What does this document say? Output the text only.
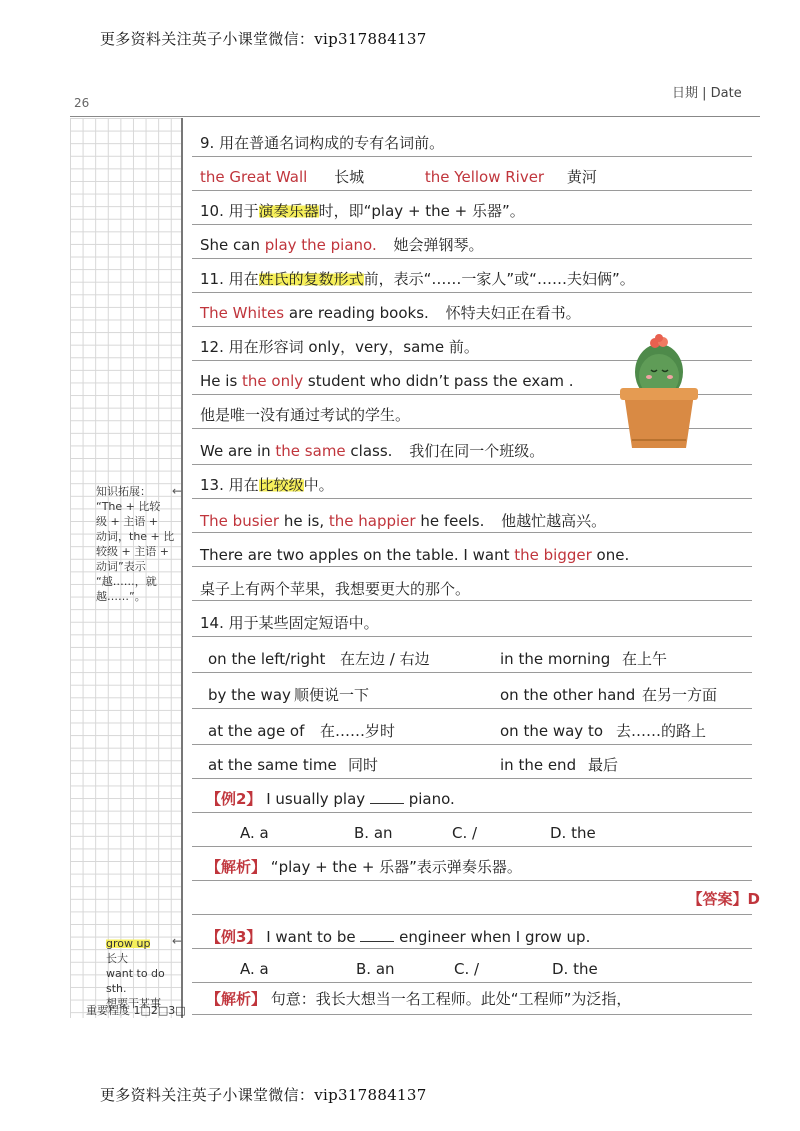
更多资料关注英子小课堂微信：vip317884137
26
日期 | Date
9. 用在普通名词构成的专有名词前。
the Great Wall 长城	the Yellow River 黄河
10. 用于演奏乐器时，即“play + the + 乐器”。
She can play the piano. 她会弹钢琴。
11. 用在姓氏的复数形式前，表示“……一家人”或“……夫妇俩”。
The Whites are reading books. 怀特夫妇正在看书。
12. 用在形容词 only，very，same 前。
He is the only student who didn’t pass the exam .
他是唯一没有通过考试的学生。
We are in the same class. 我们在同一个班级。
13. 用在比较级中。
The busier he is, the happier he feels. 他越忙越高兴。
There are two apples on the table. I want the bigger one.
桌子上有两个苹果，我想要更大的那个。
14. 用于某些固定短语中。
on the left/right 在左边 / 右边	in the morning 在上午
by the way 顺便说一下	on the other hand 在另一方面
at the age of 在……岁时	on the way to 去……的路上
at the same time 同时	in the end 最后
【例2】 I usually play	piano.
A. a	B. an	C. /	D. the
【解析】 “play + the + 乐器”表示弹奏乐器。
【答案】D
【例3】 I want to be	engineer when I grow up.
A. a	B. an	C. /	D. the
【解析】 句意：我长大想当一名工程师。此处“工程师”为泛指，
知识拓展：
“The + 比较
级 + 主语 +
动词，the + 比
较级 + 主语 +
动词”表示
“越……，就
越……”。
←
grow up
长大
want to do sth.
想要干某事
←
重要程度 1□2□3□
更多资料关注英子小课堂微信：vip317884137
